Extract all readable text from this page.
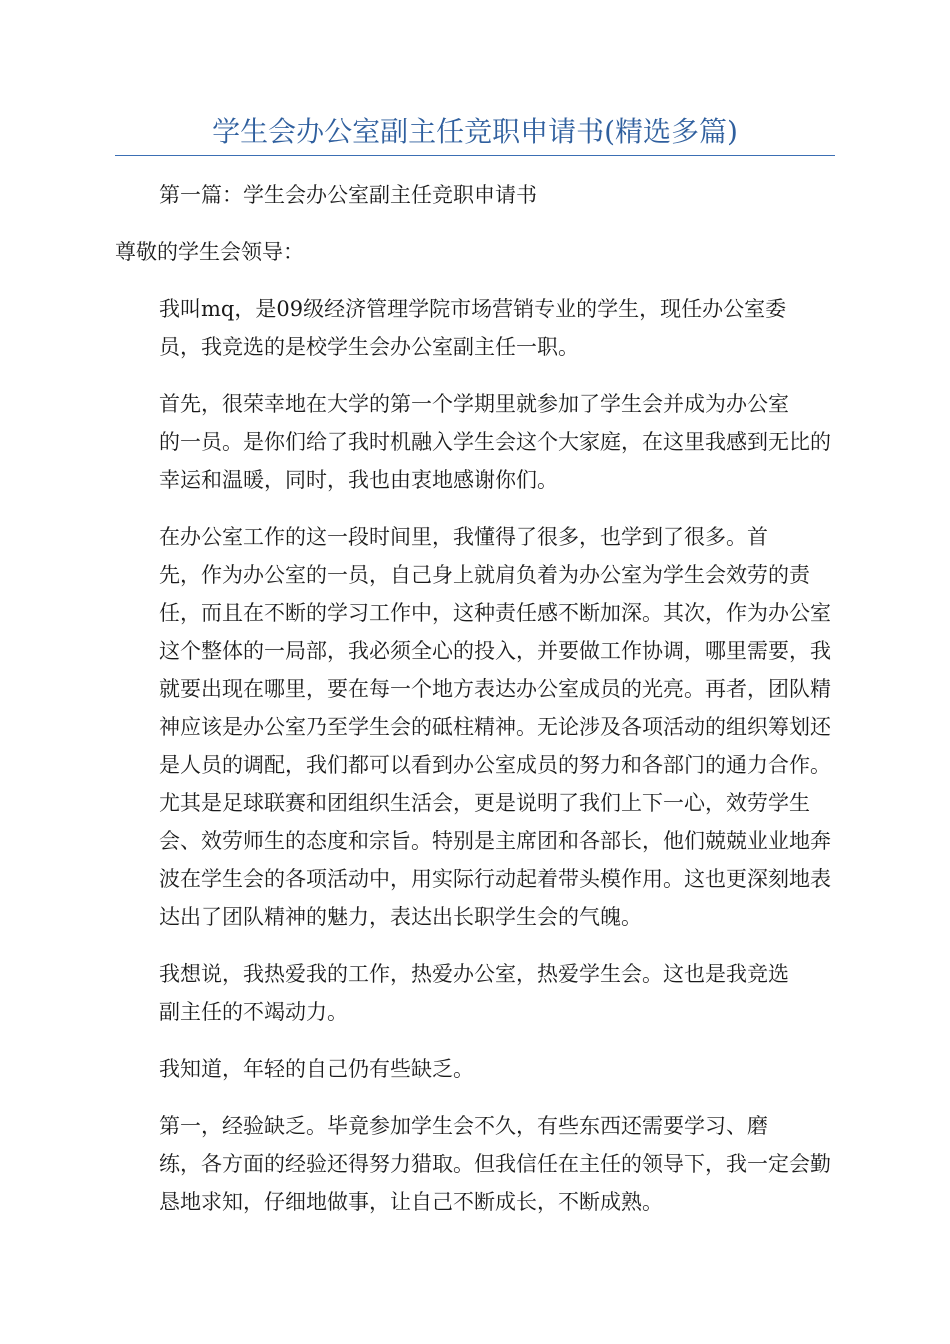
学生会办公室副主任竞职申请书(精选多篇)

第一篇：学生会办公室副主任竞职申请书

尊敬的学生会领导：

我叫mq，是09级经济管理学院市场营销专业的学生，现任办公室委
员，我竞选的是校学生会办公室副主任一职。

首先，很荣幸地在大学的第一个学期里就参加了学生会并成为办公室
的一员。是你们给了我时机融入学生会这个大家庭，在这里我感到无比的
幸运和温暖，同时，我也由衷地感谢你们。

在办公室工作的这一段时间里，我懂得了很多，也学到了很多。首
先，作为办公室的一员，自己身上就肩负着为办公室为学生会效劳的责
任，而且在不断的学习工作中，这种责任感不断加深。其次，作为办公室
这个整体的一局部，我必须全心的投入，并要做工作协调，哪里需要，我
就要出现在哪里，要在每一个地方表达办公室成员的光亮。再者，团队精
神应该是办公室乃至学生会的砥柱精神。无论涉及各项活动的组织筹划还
是人员的调配，我们都可以看到办公室成员的努力和各部门的通力合作。
尤其是足球联赛和团组织生活会，更是说明了我们上下一心，效劳学生
会、效劳师生的态度和宗旨。特别是主席团和各部长，他们兢兢业业地奔
波在学生会的各项活动中，用实际行动起着带头模作用。这也更深刻地表
达出了团队精神的魅力，表达出长职学生会的气魄。

我想说，我热爱我的工作，热爱办公室，热爱学生会。这也是我竞选
副主任的不竭动力。

我知道，年轻的自己仍有些缺乏。

第一，经验缺乏。毕竟参加学生会不久，有些东西还需要学习、磨
练，各方面的经验还得努力猎取。但我信任在主任的领导下，我一定会勤
恳地求知，仔细地做事，让自己不断成长，不断成熟。
